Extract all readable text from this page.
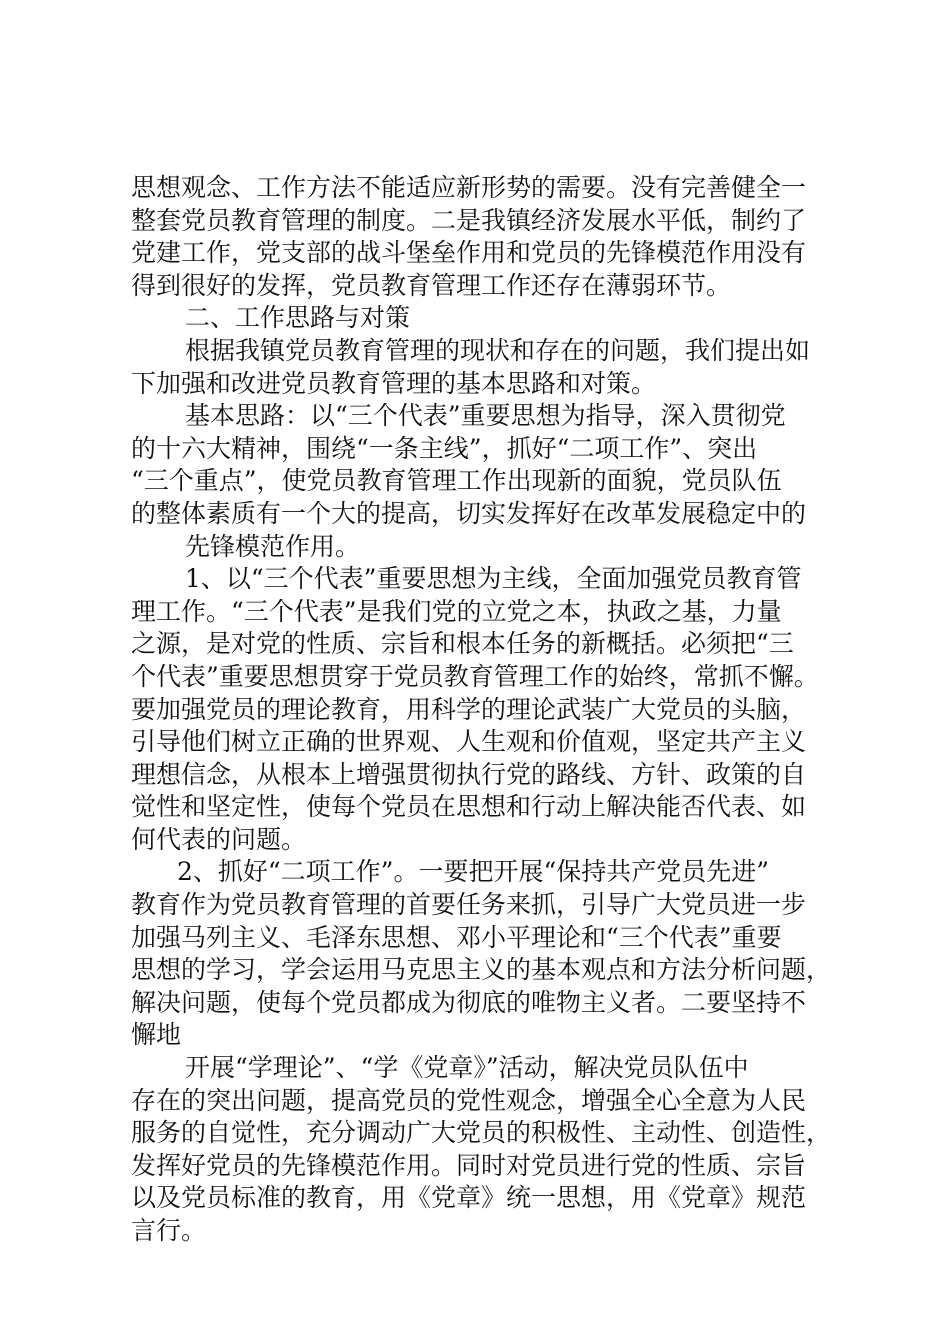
思想观念、工作方法不能适应新形势的需要。没有完善健全一
整套党员教育管理的制度。二是我镇经济发展水平低，制约了
党建工作，党支部的战斗堡垒作用和党员的先锋模范作用没有
得到很好的发挥，党员教育管理工作还存在薄弱环节。
二、工作思路与对策
根据我镇党员教育管理的现状和存在的问题，我们提出如
下加强和改进党员教育管理的基本思路和对策。
基本思路：以“三个代表”重要思想为指导，深入贯彻党
的十六大精神，围绕“一条主线”，抓好“二项工作”、突出
“三个重点”，使党员教育管理工作出现新的面貌，党员队伍
的整体素质有一个大的提高，切实发挥好在改革发展稳定中的
先锋模范作用。
1、以“三个代表”重要思想为主线，全面加强党员教育管
理工作。“三个代表”是我们党的立党之本，执政之基，力量
之源，是对党的性质、宗旨和根本任务的新概括。必须把“三
个代表”重要思想贯穿于党员教育管理工作的始终，常抓不懈。
要加强党员的理论教育，用科学的理论武装广大党员的头脑，
引导他们树立正确的世界观、人生观和价值观，坚定共产主义
理想信念，从根本上增强贯彻执行党的路线、方针、政策的自
觉性和坚定性，使每个党员在思想和行动上解决能否代表、如
何代表的问题。
2、抓好“二项工作”。一要把开展“保持共产党员先进”
教育作为党员教育管理的首要任务来抓，引导广大党员进一步
加强马列主义、毛泽东思想、邓小平理论和“三个代表”重要
思想的学习，学会运用马克思主义的基本观点和方法分析问题，
解决问题，使每个党员都成为彻底的唯物主义者。二要坚持不
懈地
开展“学理论”、“学《党章》”活动，解决党员队伍中
存在的突出问题，提高党员的党性观念，增强全心全意为人民
服务的自觉性，充分调动广大党员的积极性、主动性、创造性，
发挥好党员的先锋模范作用。同时对党员进行党的性质、宗旨
以及党员标准的教育，用《党章》统一思想，用《党章》规范
言行。
